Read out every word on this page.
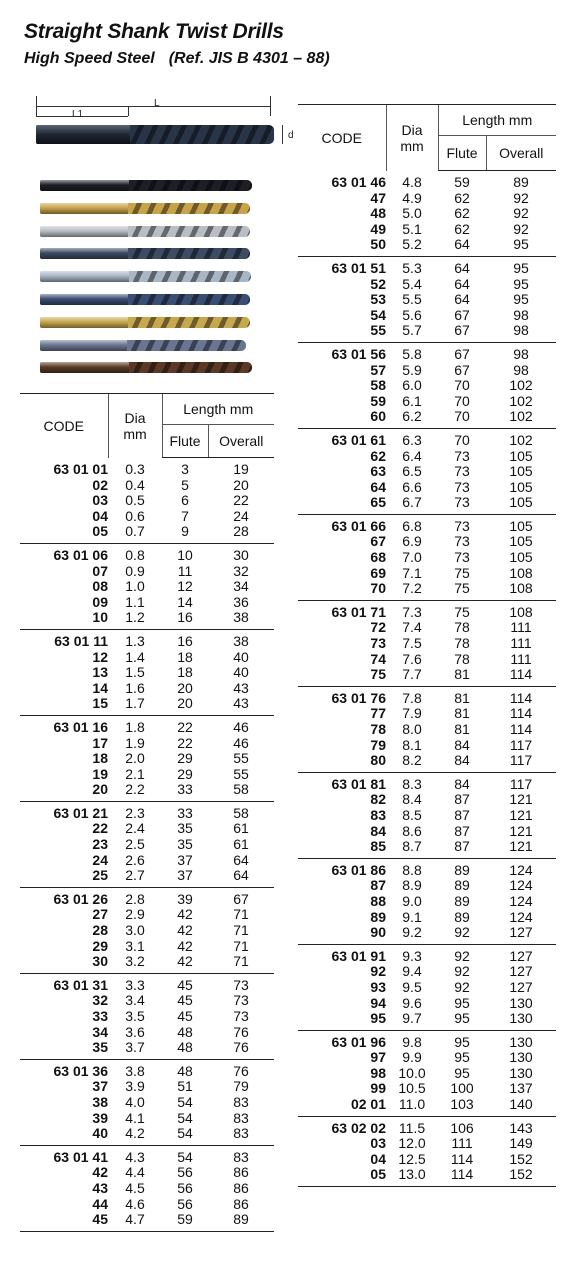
Straight Shank Twist Drills
High Speed Steel (Ref. JIS B 4301 – 88)
L1
L
d
CODE	Dia
mm	Length mm	
		Flute	Overall
63 01 01	0.3	3	19
02	0.4	5	20
03	0.5	6	22
04	0.6	7	24
05	0.7	9	28
63 01 06	0.8	10	30
07	0.9	11	32
08	1.0	12	34
09	1.1	14	36
10	1.2	16	38
63 01 11	1.3	16	38
12	1.4	18	40
13	1.5	18	40
14	1.6	20	43
15	1.7	20	43
63 01 16	1.8	22	46
17	1.9	22	46
18	2.0	29	55
19	2.1	29	55
20	2.2	33	58
63 01 21	2.3	33	58
22	2.4	35	61
23	2.5	35	61
24	2.6	37	64
25	2.7	37	64
63 01 26	2.8	39	67
27	2.9	42	71
28	3.0	42	71
29	3.1	42	71
30	3.2	42	71
63 01 31	3.3	45	73
32	3.4	45	73
33	3.5	45	73
34	3.6	48	76
35	3.7	48	76
63 01 36	3.8	48	76
37	3.9	51	79
38	4.0	54	83
39	4.1	54	83
40	4.2	54	83
63 01 41	4.3	54	83
42	4.4	56	86
43	4.5	56	86
44	4.6	56	86
45	4.7	59	89
CODE	Dia
mm	Length mm	
		Flute	Overall
63 01 46	4.8	59	89
47	4.9	62	92
48	5.0	62	92
49	5.1	62	92
50	5.2	64	95
63 01 51	5.3	64	95
52	5.4	64	95
53	5.5	64	95
54	5.6	67	98
55	5.7	67	98
63 01 56	5.8	67	98
57	5.9	67	98
58	6.0	70	102
59	6.1	70	102
60	6.2	70	102
63 01 61	6.3	70	102
62	6.4	73	105
63	6.5	73	105
64	6.6	73	105
65	6.7	73	105
63 01 66	6.8	73	105
67	6.9	73	105
68	7.0	73	105
69	7.1	75	108
70	7.2	75	108
63 01 71	7.3	75	108
72	7.4	78	111
73	7.5	78	111
74	7.6	78	111
75	7.7	81	114
63 01 76	7.8	81	114
77	7.9	81	114
78	8.0	81	114
79	8.1	84	117
80	8.2	84	117
63 01 81	8.3	84	117
82	8.4	87	121
83	8.5	87	121
84	8.6	87	121
85	8.7	87	121
63 01 86	8.8	89	124
87	8.9	89	124
88	9.0	89	124
89	9.1	89	124
90	9.2	92	127
63 01 91	9.3	92	127
92	9.4	92	127
93	9.5	92	127
94	9.6	95	130
95	9.7	95	130
63 01 96	9.8	95	130
97	9.9	95	130
98	10.0	95	130
99	10.5	100	137
02 01	11.0	103	140
63 02 02	11.5	106	143
03	12.0	111	149
04	12.5	114	152
05	13.0	114	152
